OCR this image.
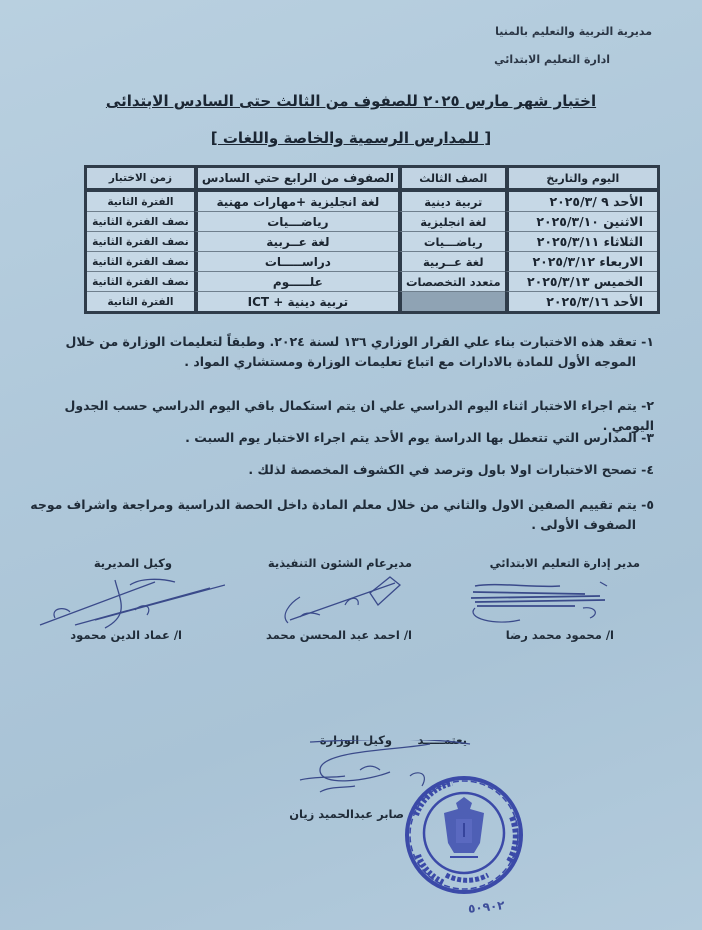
مديرية التربية والتعليم بالمنيا
ادارة التعليم الابتدائي
اختبار شهر مارس ٢٠٢٥ للصفوف من الثالث حتى السادس الابتدائى
[ للمدارس الرسمية والخاصة واللغات ]
اليوم والتاريخ	الصف الثالث	الصفوف من الرابع حتي السادس	زمن الاختبار
الأحد ٩ /٢٠٢٥/٣	تربية دينية	لغة انجليزية +مهارات مهنية	الفترة الثانية
الاثنين ٢٠٢٥/٣/١٠	لغة انجليزية	رياضـــيات	نصف الفترة الثانية
الثلاثاء ٢٠٢٥/٣/١١	رياضـــيات	لغة عــربية	نصف الفترة الثانية
الاربعاء ٢٠٢٥/٣/١٢	لغة عــربية	دراســـــات	نصف الفترة الثانية
الخميس ٢٠٢٥/٣/١٣	متعدد التخصصات	علـــــوم	نصف الفترة الثانية
الأحد ٢٠٢٥/٣/١٦		تربية دينية + ICT	الفترة الثانية
١- تعقد هذه الاختبارت بناء علي القرار الوزاري ١٣٦ لسنة ٢٠٢٤. وطبقاً لتعليمات الوزارة من خلال
الموجه الأول للمادة بالادارات مع اتباع تعليمات الوزارة ومستشاري المواد .
٢- يتم اجراء الاختبار اثناء اليوم الدراسي علي ان يتم استكمال باقي اليوم الدراسي حسب الجدول اليومي .
٣- المدارس التي تتعطل بها الدراسة يوم الأحد يتم اجراء الاختبار يوم السبت .
٤- تصحح الاختبارات اولا باول وترصد في الكشوف المخصصة لذلك .
٥- يتم تقييم الصفين الاول والثاني من خلال معلم المادة داخل الحصة الدراسية ومراجعة واشراف موجه
الصفوف الأولى .
مدير إدارة التعليم الابتدائي
مديرعام الشئون التنفيذية
وكيل المديرية
ا/ محمود محمد رضا
ا/ احمد عبد المحسن محمد
ا/ عماد الدين محمود
يعتمـــــد
وكيل الوزارة
صابر عبدالحميد زيان
٥٠٩٠٢
